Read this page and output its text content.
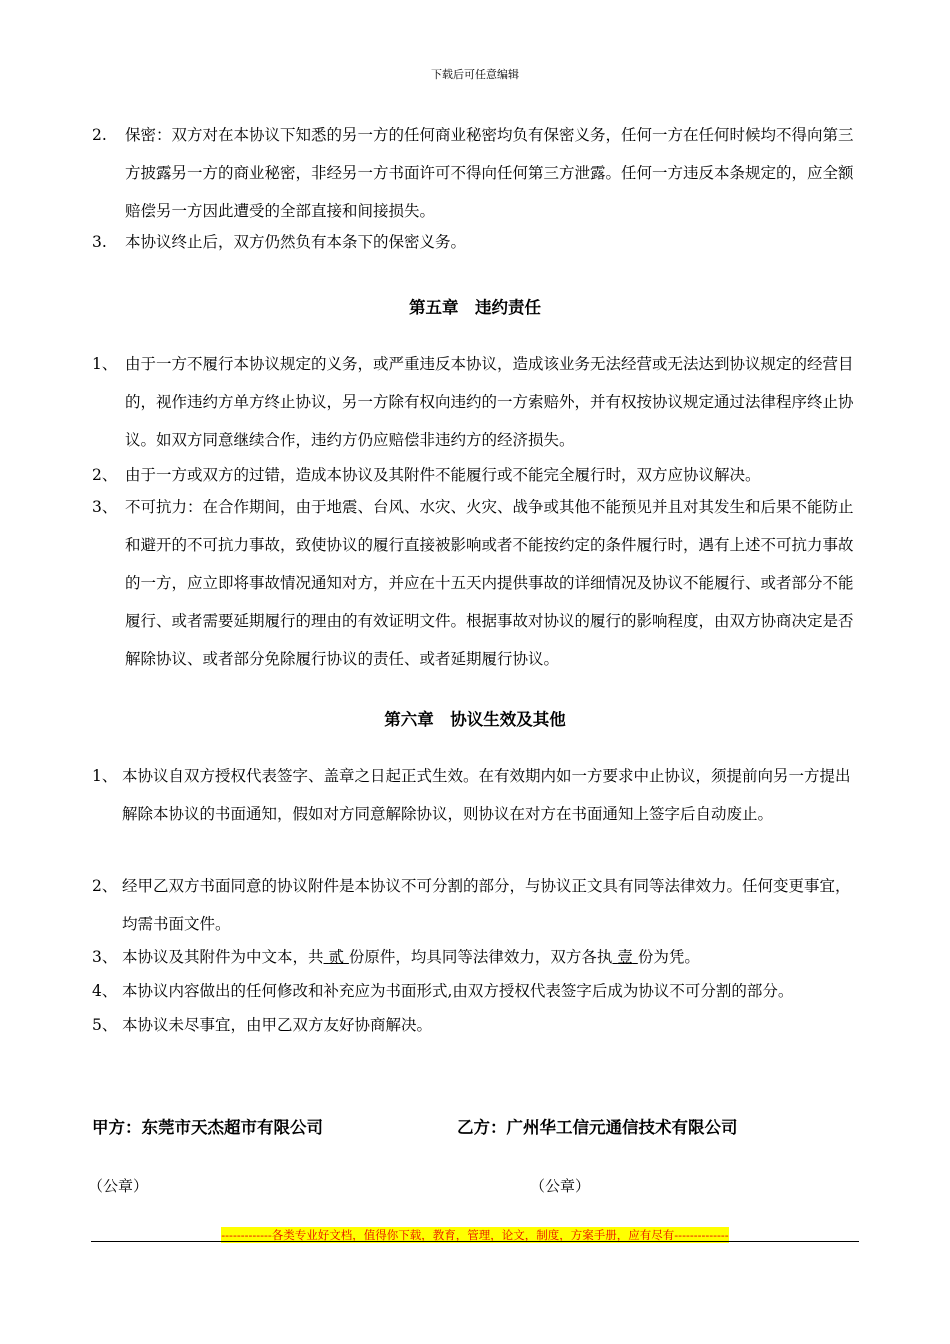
下载后可任意编辑
2. 保密：双方对在本协议下知悉的另一方的任何商业秘密均负有保密义务，任何一方在任何时候均不得向第三方披露另一方的商业秘密，非经另一方书面许可不得向任何第三方泄露。任何一方违反本条规定的，应全额赔偿另一方因此遭受的全部直接和间接损失。
3. 本协议终止后，双方仍然负有本条下的保密义务。
第五章　违约责任
1、 由于一方不履行本协议规定的义务，或严重违反本协议，造成该业务无法经营或无法达到协议规定的经营目的，视作违约方单方终止协议，另一方除有权向违约的一方索赔外，并有权按协议规定通过法律程序终止协议。如双方同意继续合作，违约方仍应赔偿非违约方的经济损失。
2、 由于一方或双方的过错，造成本协议及其附件不能履行或不能完全履行时，双方应协议解决。
3、 不可抗力：在合作期间，由于地震、台风、水灾、火灾、战争或其他不能预见并且对其发生和后果不能防止和避开的不可抗力事故，致使协议的履行直接被影响或者不能按约定的条件履行时，遇有上述不可抗力事故的一方，应立即将事故情况通知对方，并应在十五天内提供事故的详细情况及协议不能履行、或者部分不能履行、或者需要延期履行的理由的有效证明文件。根据事故对协议的履行的影响程度，由双方协商决定是否解除协议、或者部分免除履行协议的责任、或者延期履行协议。
第六章　协议生效及其他
1、 本协议自双方授权代表签字、盖章之日起正式生效。在有效期内如一方要求中止协议，须提前向另一方提出解除本协议的书面通知，假如对方同意解除协议，则协议在对方在书面通知上签字后自动废止。
2、 经甲乙双方书面同意的协议附件是本协议不可分割的部分，与协议正文具有同等法律效力。任何变更事宜，均需书面文件。
3、 本协议及其附件为中文本，共 贰 份原件，均具同等法律效力，双方各执 壹 份为凭。
4、 本协议内容做出的任何修改和补充应为书面形式,由双方授权代表签字后成为协议不可分割的部分。
5、 本协议未尽事宜，由甲乙双方友好协商解决。
甲方：东莞市天杰超市有限公司	乙方：广州华工信元通信技术有限公司
（公章）	（公章）
-------------各类专业好文档，值得你下载，教育，管理，论文，制度，方案手册，应有尽有--------------
